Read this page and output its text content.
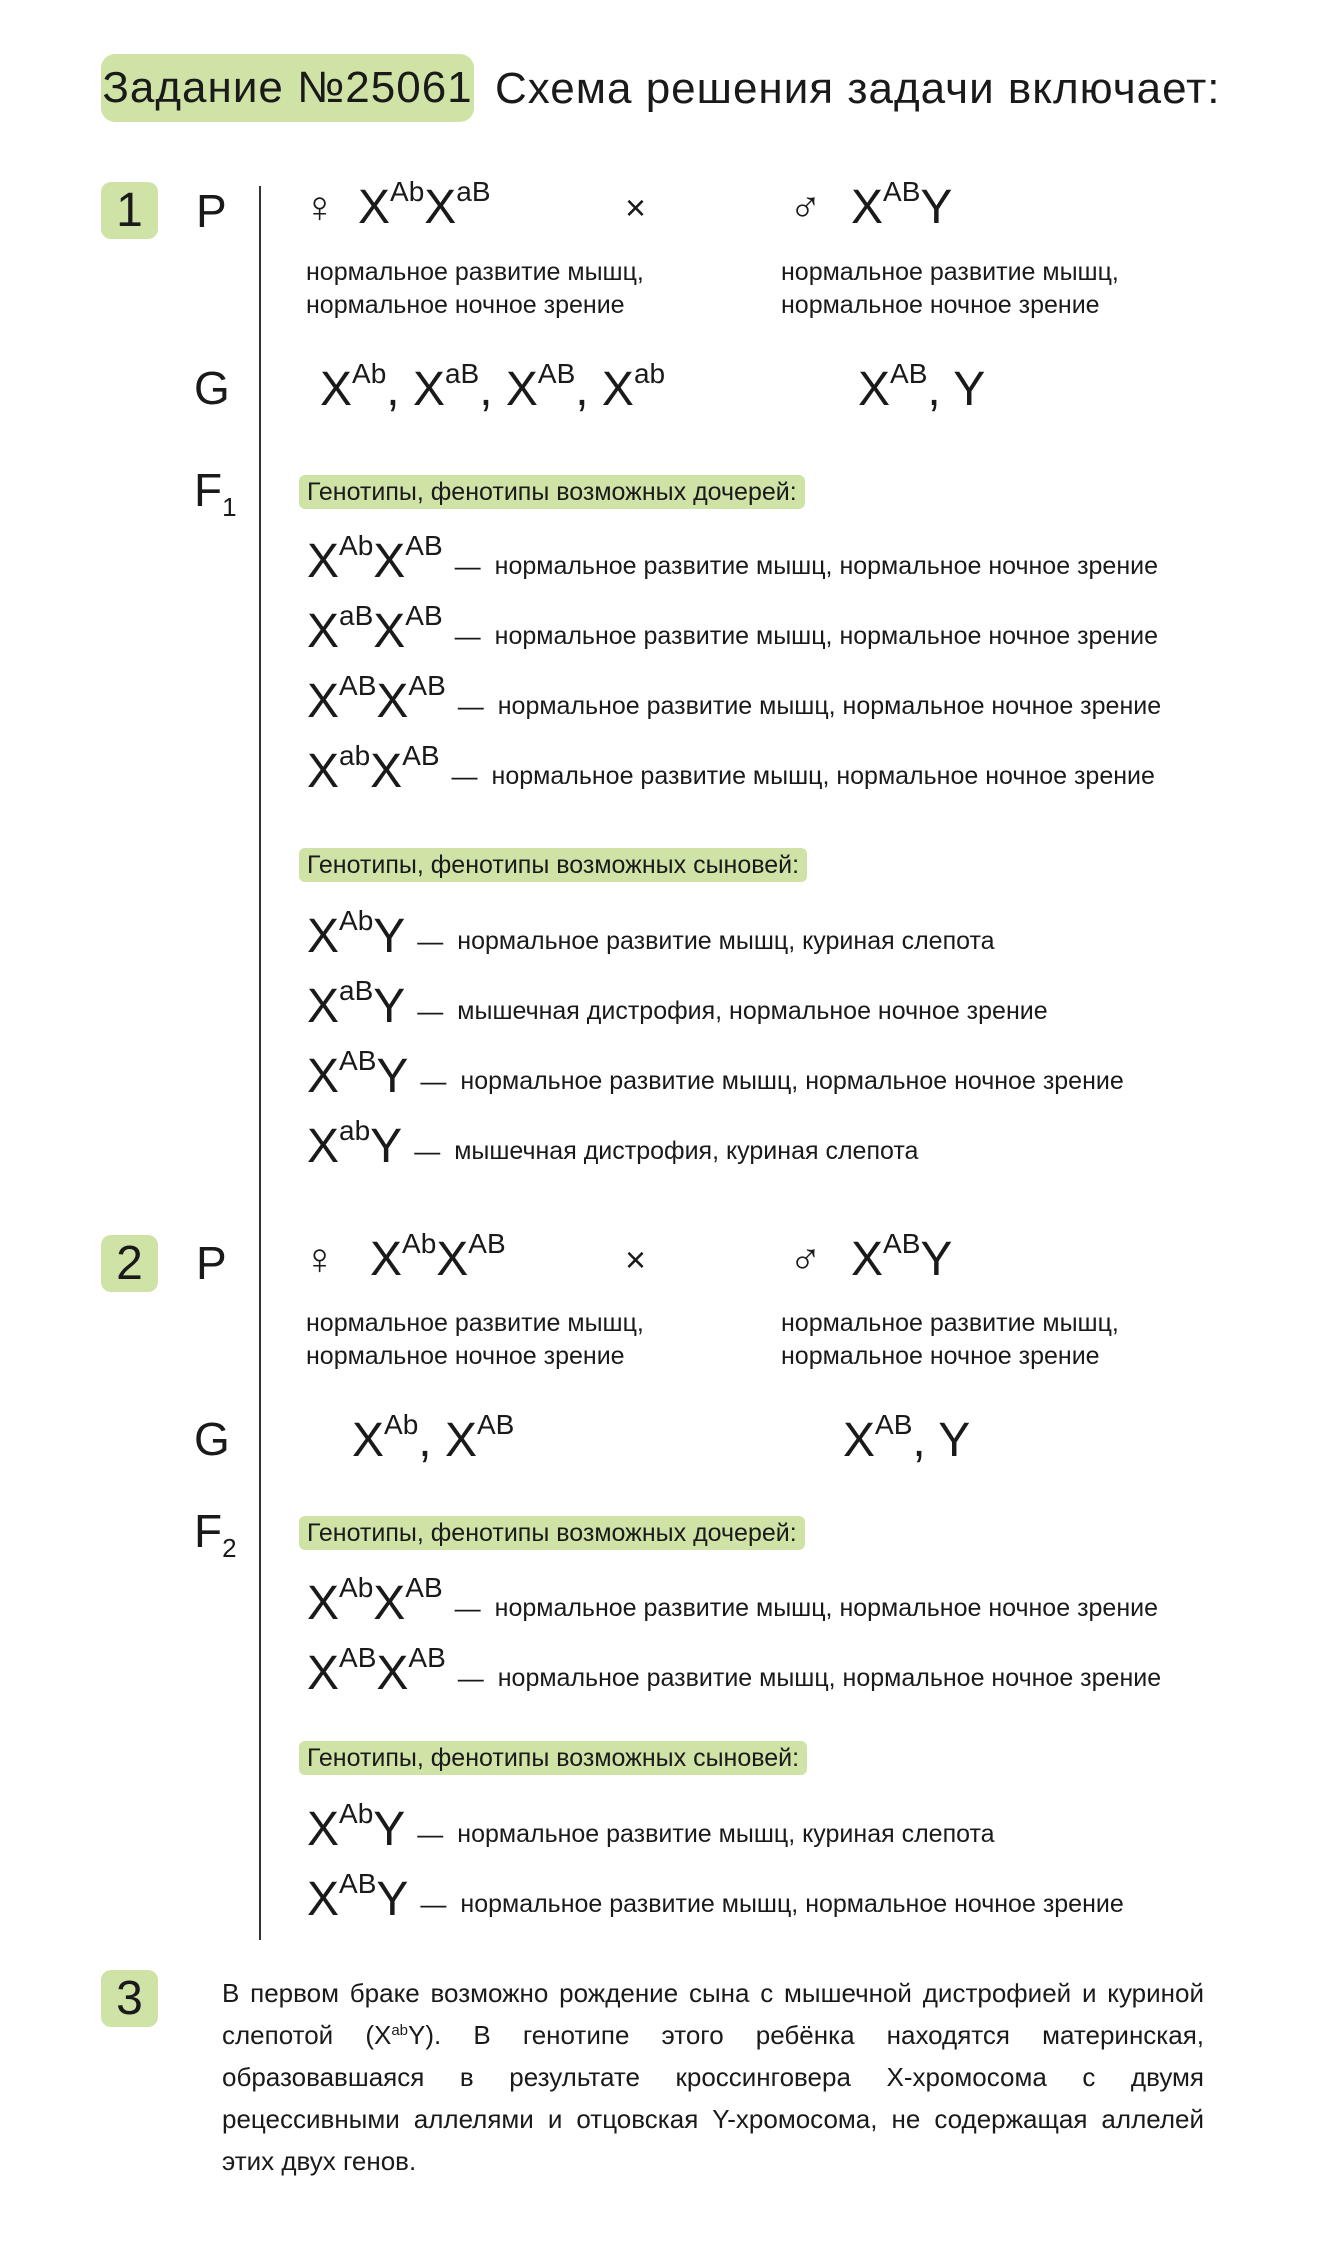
Задание №25061 Схема решения задачи включает:
1	P ♀ $X^{Ab}X^{aB}$	×	♂ $X^{AB}Y$
нормальное развитие мышц,
нормальное ночное зрение
нормальное развитие мышц,
нормальное ночное зрение
G $X^{Ab}$, $X^{aB}$, $X^{AB}$, $X^{ab}$	$X^{AB}$, Y
$F_1$	Генотипы, фенотипы возможных дочерей:
$X^{Ab}X^{AB}$
— нормальное развитие мышц, нормальное ночное зрение
$X^{aB}X^{AB}$
— нормальное развитие мышц, нормальное ночное зрение
$X^{AB}X^{AB}$
— нормальное развитие мышц, нормальное ночное зрение
$X^{ab}X^{AB}$
— нормальное развитие мышц, нормальное ночное зрение
Генотипы, фенотипы возможных сыновей:
$X^{Ab}Y$ — нормальное развитие мышц, куриная слепота
$X^{aB}Y$ — мышечная дистрофия, нормальное ночное зрение
$X^{AB}Y$ — нормальное развитие мышц, нормальное ночное зрение
$X^{ab}Y$ — мышечная дистрофия, куриная слепота
2	P ♀ $X^{Ab}X^{AB}$	×	♂ $X^{AB}Y$
нормальное развитие мышц,
нормальное ночное зрение
нормальное развитие мышц,
нормальное ночное зрение
G	$X^{Ab}$, $X^{AB}$	$X^{AB}$, Y
$F_2$	Генотипы, фенотипы возможных дочерей:
$X^{Ab}X^{AB}$
— нормальное развитие мышц, нормальное ночное зрение
$X^{AB}X^{AB}$
— нормальное развитие мышц, нормальное ночное зрение
Генотипы, фенотипы возможных сыновей:
$X^{Ab}Y$ — нормальное развитие мышц, куриная слепота
$X^{AB}Y$ — нормальное развитие мышц, нормальное ночное зрение
3	В первом браке возможно рождение сына с мышечной дистрофией и куриной слепотой $(X^{ab}Y)$. В генотипе этого ребёнка находятся материнская, образовавшаяся в результате кроссинговера X-хромосома с двумя рецессивными аллелями и отцовская Y-хромосома, не содержащая аллелей этих двух генов.
